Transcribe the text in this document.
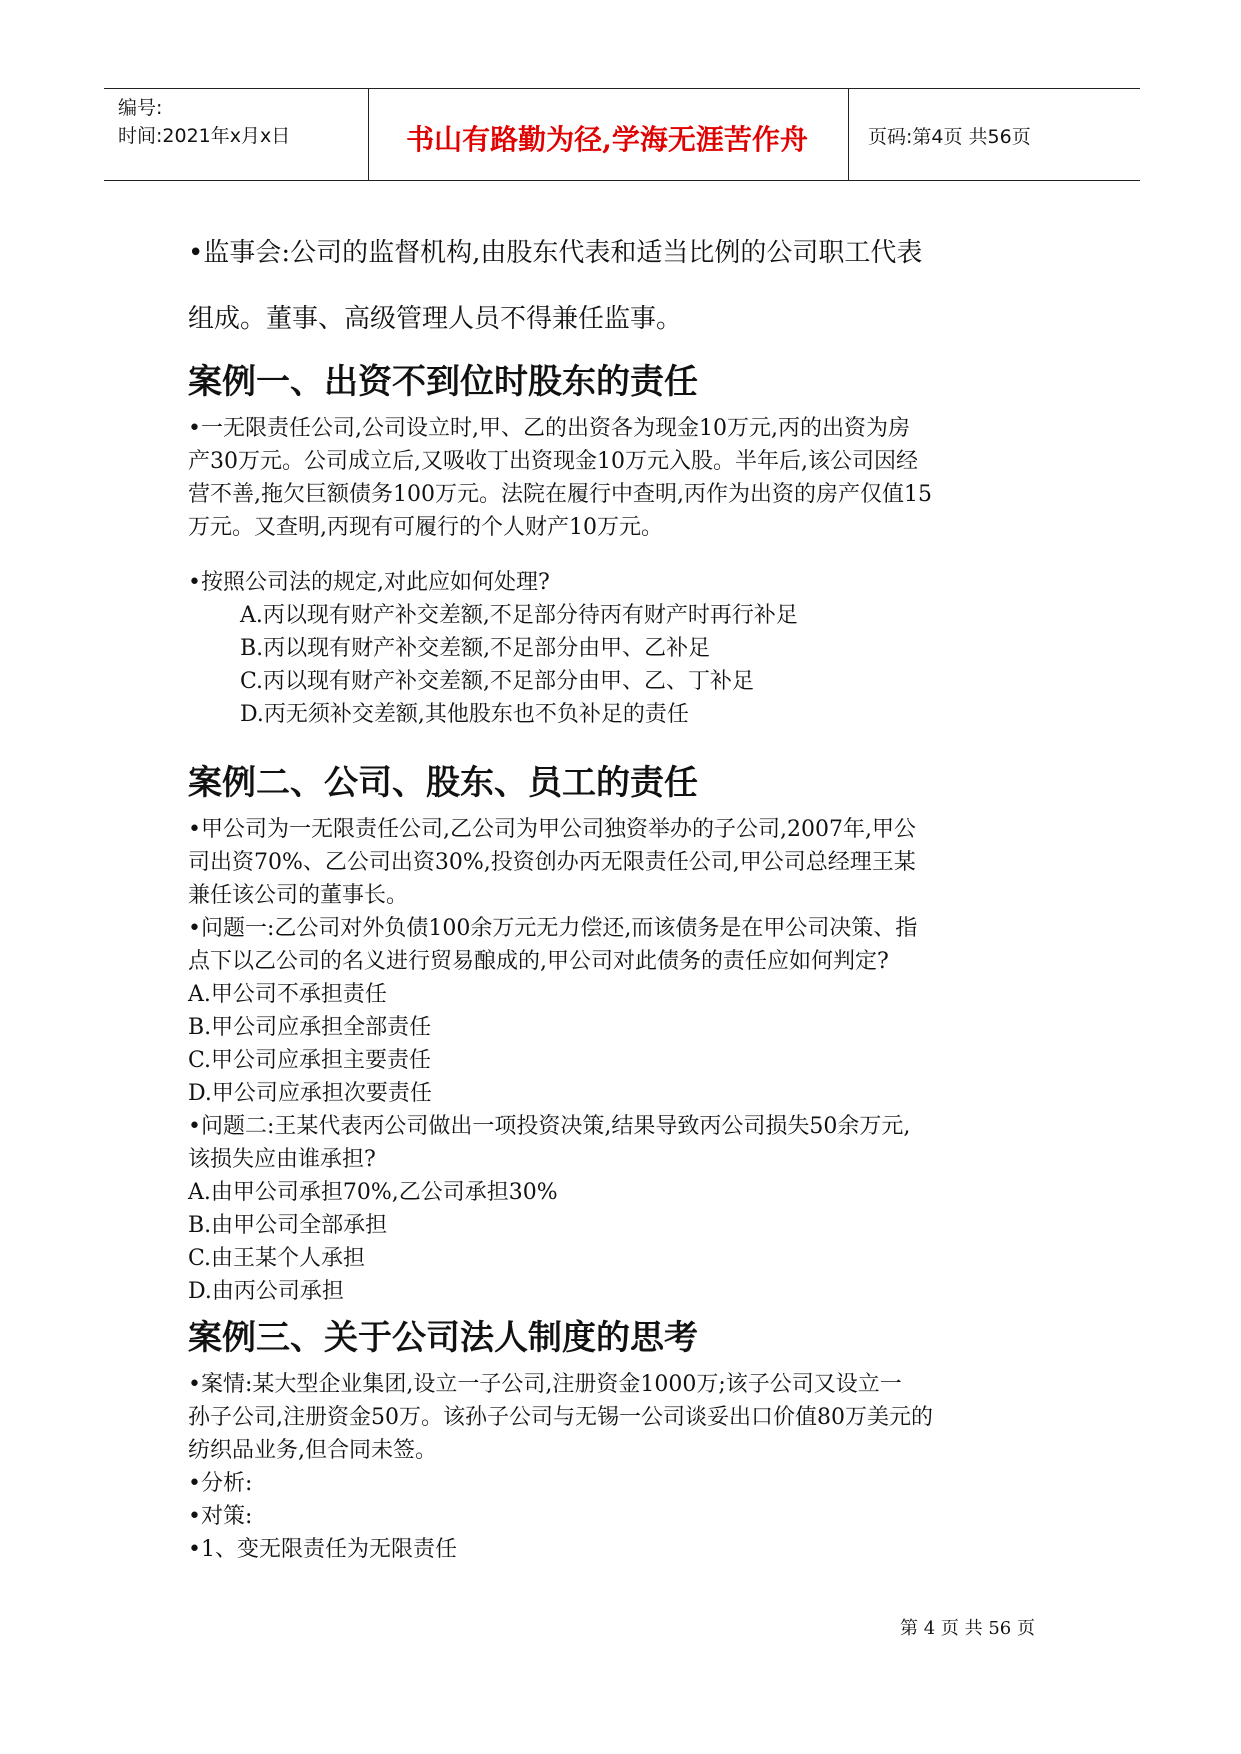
编号:
时间:2021年x月x日	书山有路勤为径,学海无涯苦作舟	页码:第4页 共56页

•监事会:公司的监督机构,由股东代表和适当比例的公司职工代表

组成。董事、高级管理人员不得兼任监事。

案例一、出资不到位时股东的责任

•一无限责任公司,公司设立时,甲、乙的出资各为现金10万元,丙的出资为房

产30万元。公司成立后,又吸收丁出资现金10万元入股。半年后,该公司因经

营不善,拖欠巨额债务100万元。法院在履行中查明,丙作为出资的房产仅值15

万元。又查明,丙现有可履行的个人财产10万元。

•按照公司法的规定,对此应如何处理?

A.丙以现有财产补交差额,不足部分待丙有财产时再行补足

B.丙以现有财产补交差额,不足部分由甲、乙补足

C.丙以现有财产补交差额,不足部分由甲、乙、丁补足

D.丙无须补交差额,其他股东也不负补足的责任

案例二、公司、股东、员工的责任

•甲公司为一无限责任公司,乙公司为甲公司独资举办的子公司,2007年,甲公

司出资70%、乙公司出资30%,投资创办丙无限责任公司,甲公司总经理王某

兼任该公司的董事长。

•问题一:乙公司对外负债100余万元无力偿还,而该债务是在甲公司决策、指

点下以乙公司的名义进行贸易酿成的,甲公司对此债务的责任应如何判定?

A.甲公司不承担责任

B.甲公司应承担全部责任

C.甲公司应承担主要责任

D.甲公司应承担次要责任

•问题二:王某代表丙公司做出一项投资决策,结果导致丙公司损失50余万元,

该损失应由谁承担?

A.由甲公司承担70%,乙公司承担30%

B.由甲公司全部承担

C.由王某个人承担

D.由丙公司承担

案例三、关于公司法人制度的思考

•案情:某大型企业集团,设立一子公司,注册资金1000万;该子公司又设立一

孙子公司,注册资金50万。该孙子公司与无锡一公司谈妥出口价值80万美元的

纺织品业务,但合同未签。

•分析:

•对策:

•1、变无限责任为无限责任

第 4 页 共 56 页
